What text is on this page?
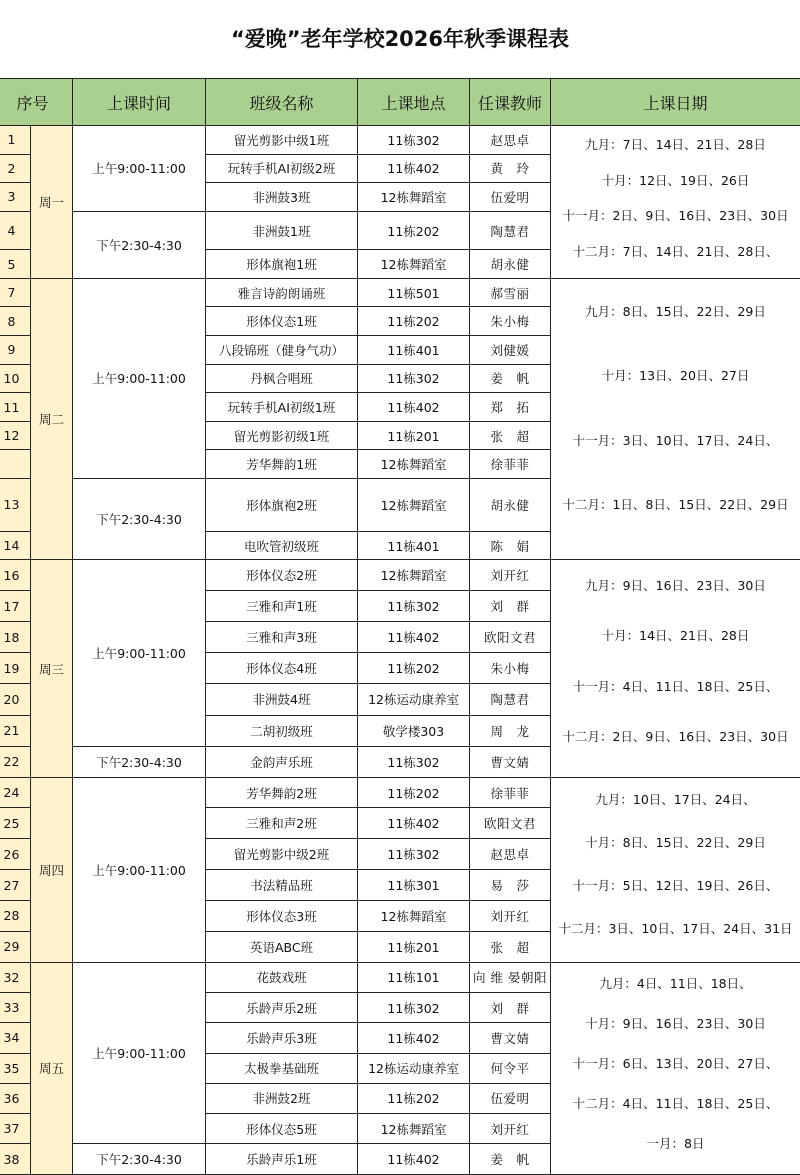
“爱晚”老年学校2026年秋季课程表
序号		上课时间	班级名称	上课地点	任课教师	上课日期
1	周一	上午9:00-11:00	留光剪影中级1班	11栋302	赵思卓	九月：7日、14日、21日、28日
十月：12日、19日、26日
十一月：2日、9日、16日、23日、30日
十二月：7日、14日、21日、28日、

2			玩转手机AI初级2班	11栋402	黄　玲	
3			非洲鼓3班	12栋舞蹈室	伍爱明	
4		下午2:30-4:30	非洲鼓1班	11栋202	陶慧君	
5			形体旗袍1班	12栋舞蹈室	胡永健	
7	周二	上午9:00-11:00	雅言诗韵朗诵班	11栋501	郝雪丽	九月：8日、15日、22日、29日
十月：13日、20日、27日
十一月：3日、10日、17日、24日、
十二月：1日、8日、15日、22日、29日

8			形体仪态1班	11栋202	朱小梅	
9			八段锦班（健身气功）	11栋401	刘健媛	
10			丹枫合唱班	11栋302	姜　帆	
11			玩转手机AI初级1班	11栋402	郑　拓	
12			留光剪影初级1班	11栋201	张　超	
			芳华舞韵1班	12栋舞蹈室	徐菲菲	
13		下午2:30-4:30	形体旗袍2班	12栋舞蹈室	胡永健	
14			电吹管初级班	11栋401	陈　娟	
16	周三	上午9:00-11:00	形体仪态2班	12栋舞蹈室	刘开红	九月：9日、16日、23日、30日
十月：14日、21日、28日
十一月：4日、11日、18日、25日、
十二月：2日、9日、16日、23日、30日

17			三雅和声1班	11栋302	刘　群	
18			三雅和声3班	11栋402	欧阳文君	
19			形体仪态4班	11栋202	朱小梅	
20			非洲鼓4班	12栋运动康养室	陶慧君	
21			二胡初级班	敬学楼303	周　龙	
22		下午2:30-4:30	金韵声乐班	11栋302	曹文婧	
24	周四	上午9:00-11:00	芳华舞韵2班	11栋202	徐菲菲	九月：10日、17日、24日、
十月：8日、15日、22日、29日
十一月：5日、12日、19日、26日、
十二月：3日、10日、17日、24日、31日

25			三雅和声2班	11栋402	欧阳文君	
26			留光剪影中级2班	11栋302	赵思卓	
27			书法精品班	11栋301	易　莎	
28			形体仪态3班	12栋舞蹈室	刘开红	
29			英语ABC班	11栋201	张　超	
32	周五	上午9:00-11:00	花鼓戏班	11栋101	向 维 晏朝阳	九月：4日、11日、18日、
十月：9日、16日、23日、30日
十一月：6日、13日、20日、27日、
十二月：4日、11日、18日、25日、
一月：8日

33			乐龄声乐2班	11栋302	刘　群	
34			乐龄声乐3班	11栋402	曹文婧	
35			太极拳基础班	12栋运动康养室	何令平	
36			非洲鼓2班	11栋202	伍爱明	
37			形体仪态5班	12栋舞蹈室	刘开红	
38		下午2:30-4:30	乐龄声乐1班	11栋402	姜　帆	
